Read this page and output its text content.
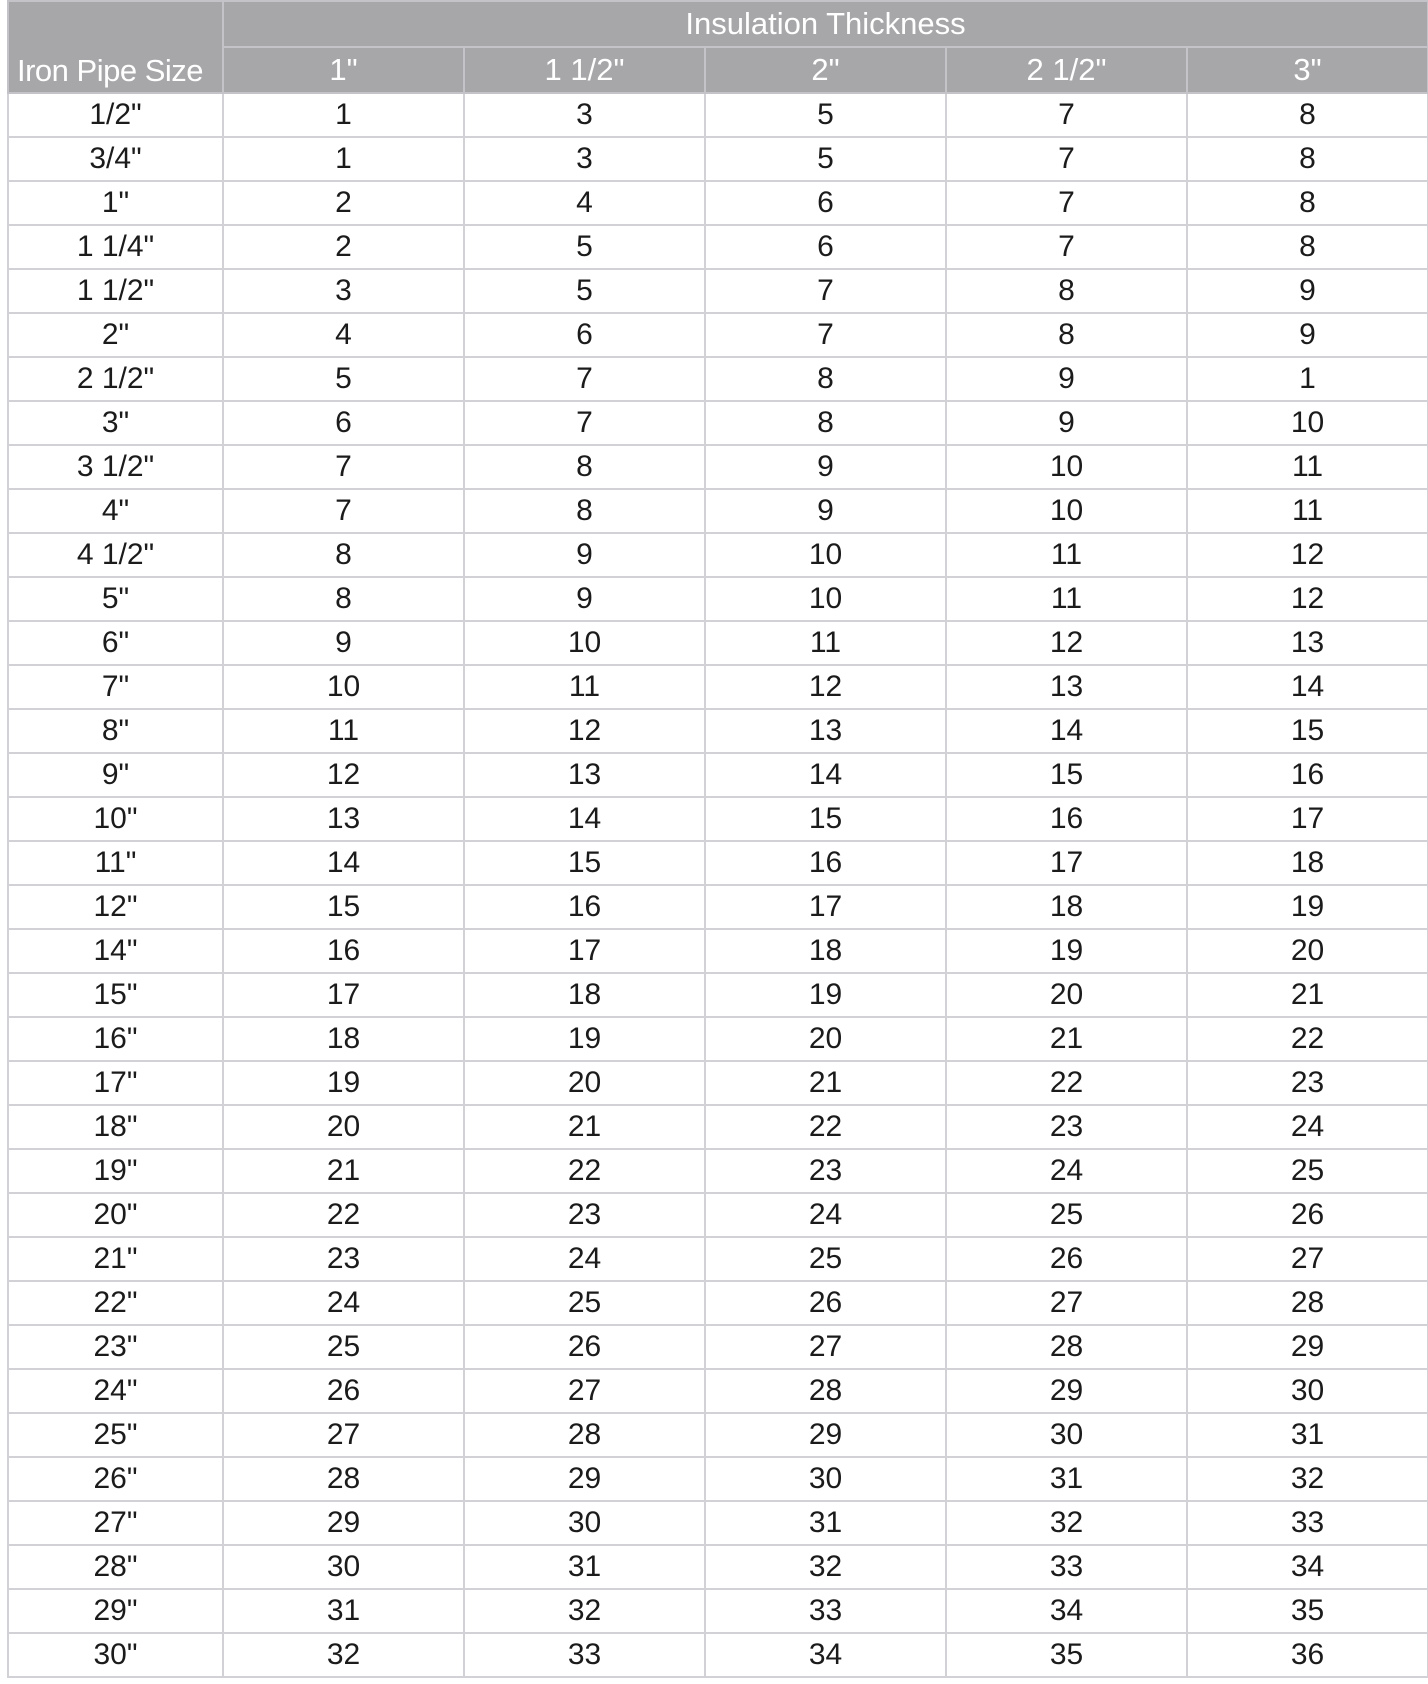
Iron Pipe Size	Insulation Thickness				
	1"	1 1/2"	2"	2 1/2"	3"
1/2"	1	3	5	7	8
3/4"	1	3	5	7	8
1"	2	4	6	7	8
1 1/4"	2	5	6	7	8
1 1/2"	3	5	7	8	9
2"	4	6	7	8	9
2 1/2"	5	7	8	9	1
3"	6	7	8	9	10
3 1/2"	7	8	9	10	11
4"	7	8	9	10	11
4 1/2"	8	9	10	11	12
5"	8	9	10	11	12
6"	9	10	11	12	13
7"	10	11	12	13	14
8"	11	12	13	14	15
9"	12	13	14	15	16
10"	13	14	15	16	17
11"	14	15	16	17	18
12"	15	16	17	18	19
14"	16	17	18	19	20
15"	17	18	19	20	21
16"	18	19	20	21	22
17"	19	20	21	22	23
18"	20	21	22	23	24
19"	21	22	23	24	25
20"	22	23	24	25	26
21"	23	24	25	26	27
22"	24	25	26	27	28
23"	25	26	27	28	29
24"	26	27	28	29	30
25"	27	28	29	30	31
26"	28	29	30	31	32
27"	29	30	31	32	33
28"	30	31	32	33	34
29"	31	32	33	34	35
30"	32	33	34	35	36
